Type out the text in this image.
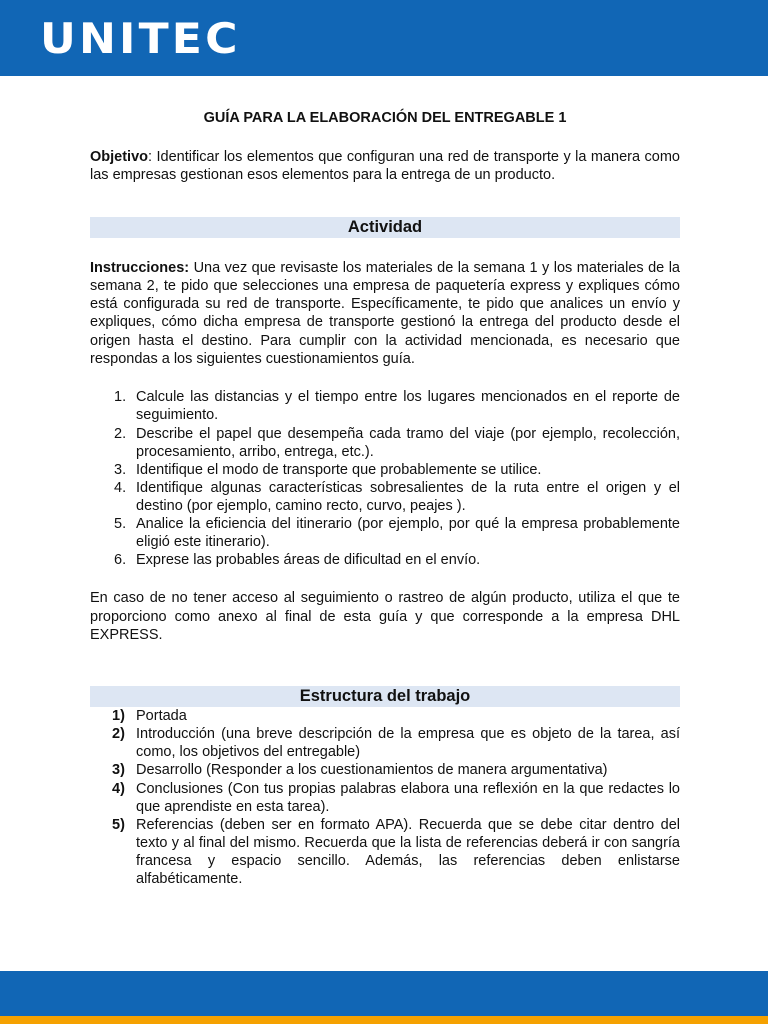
UNITEC
GUÍA PARA LA ELABORACIÓN DEL ENTREGABLE 1

Objetivo: Identificar los elementos que configuran una red de transporte y la manera como las empresas gestionan esos elementos para la entrega de un producto.

Actividad

Instrucciones: Una vez que revisaste los materiales de la semana 1 y los materiales de la semana 2, te pido que selecciones una empresa de paquetería express y expliques cómo está configurada su red de transporte. Específicamente, te pido que analices un envío y expliques, cómo dicha empresa de transporte gestionó la entrega del producto desde el origen hasta el destino. Para cumplir con la actividad mencionada, es necesario que respondas a los siguientes cuestionamientos guía.

1. Calcule las distancias y el tiempo entre los lugares mencionados en el reporte de seguimiento.
2. Describe el papel que desempeña cada tramo del viaje (por ejemplo, recolección, procesamiento, arribo, entrega, etc.).
3. Identifique el modo de transporte que probablemente se utilice.
4. Identifique algunas características sobresalientes de la ruta entre el origen y el destino (por ejemplo, camino recto, curvo, peajes ).
5. Analice la eficiencia del itinerario (por ejemplo, por qué la empresa probablemente eligió este itinerario).
6. Exprese las probables áreas de dificultad en el envío.

En caso de no tener acceso al seguimiento o rastreo de algún producto, utiliza el que te proporciono como anexo al final de esta guía y que corresponde a la empresa DHL EXPRESS.

Estructura del trabajo
1) Portada
2) Introducción (una breve descripción de la empresa que es objeto de la tarea, así como, los objetivos del entregable)
3) Desarrollo (Responder a los cuestionamientos de manera argumentativa)
4) Conclusiones (Con tus propias palabras elabora una reflexión en la que redactes lo que aprendiste en esta tarea).
5) Referencias (deben ser en formato APA). Recuerda que se debe citar dentro del texto y al final del mismo. Recuerda que la lista de referencias deberá ir con sangría francesa y espacio sencillo. Además, las referencias deben enlistarse alfabéticamente.
